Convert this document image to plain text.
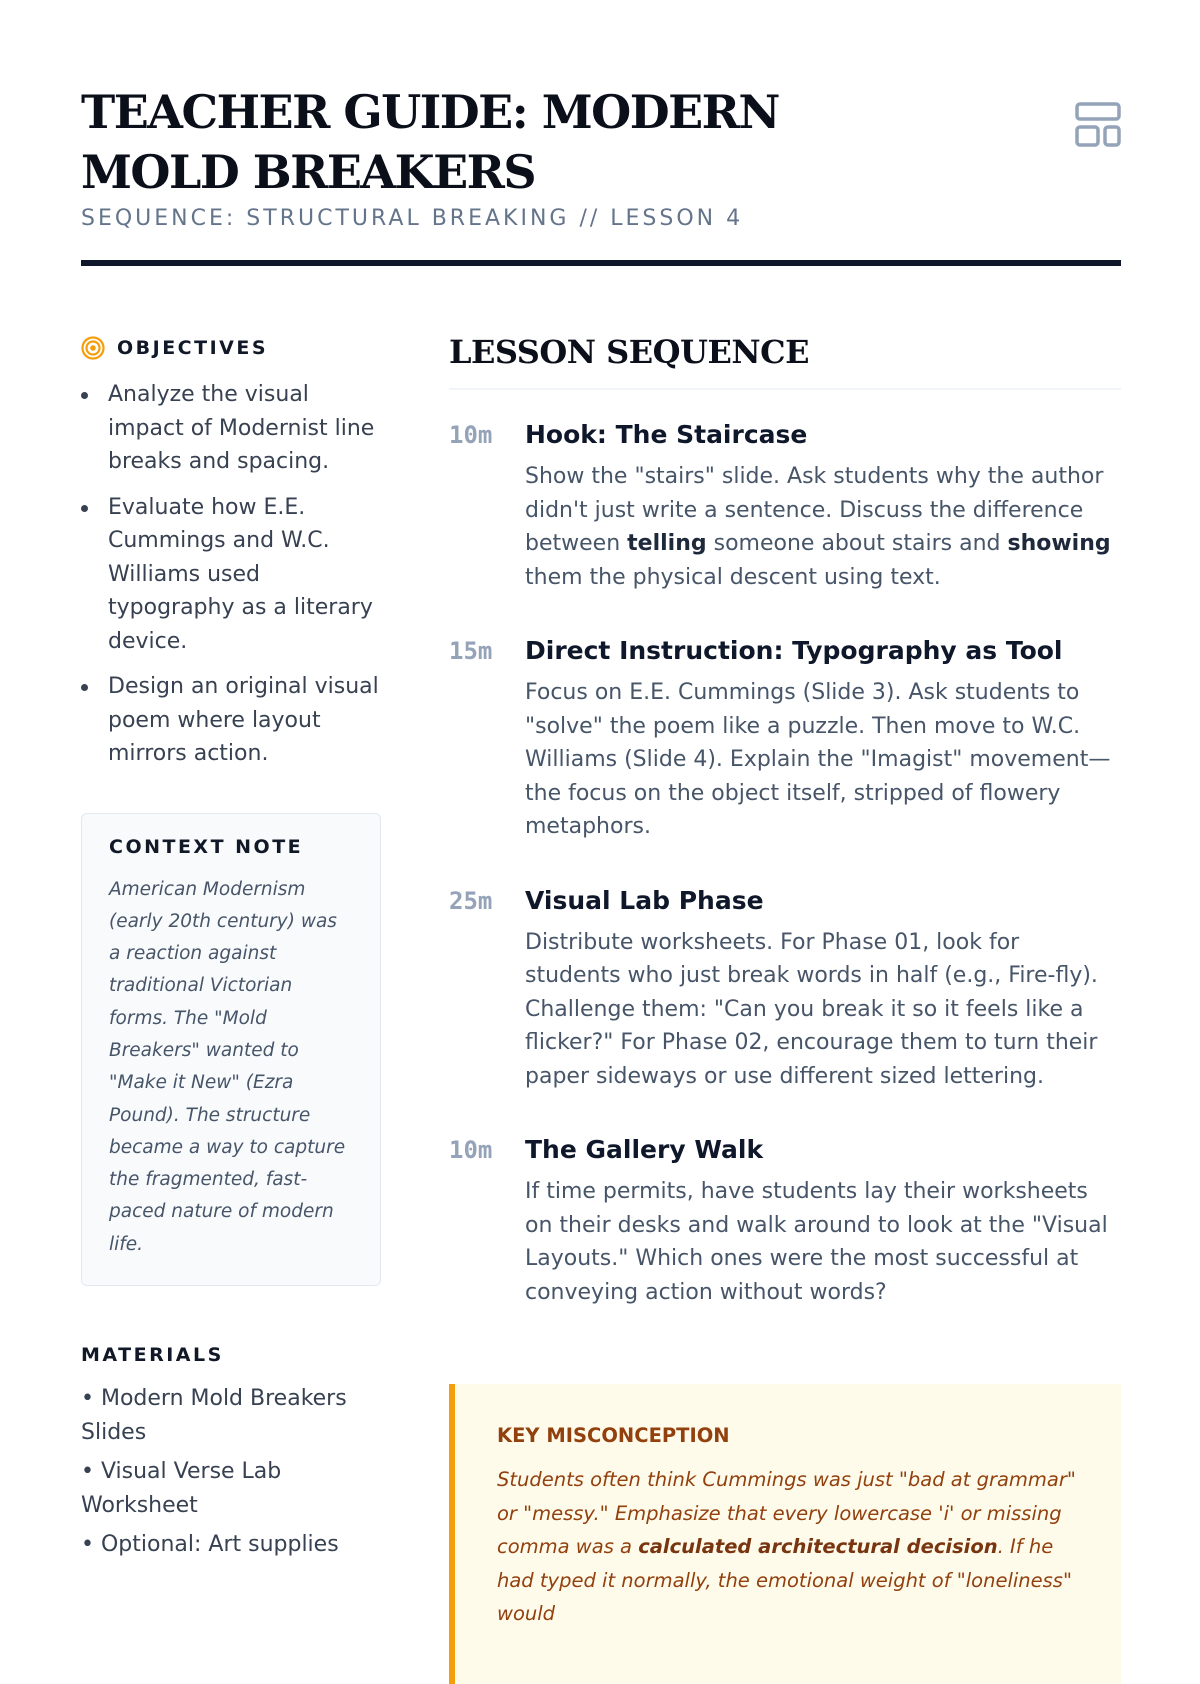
TEACHER GUIDE: MODERN MOLD BREAKERS
SEQUENCE: STRUCTURAL BREAKING // LESSON 4
OBJECTIVES
Analyze the visual impact of Modernist line breaks and spacing.
Evaluate how E.E. Cummings and W.C. Williams used typography as a literary device.
Design an original visual poem where layout mirrors action.
CONTEXT NOTE
American Modernism (early 20th century) was a reaction against traditional Victorian forms. The "Mold Breakers" wanted to "Make it New" (Ezra Pound). The structure became a way to capture the fragmented, fast-paced nature of modern life.
MATERIALS
• Modern Mold Breakers Slides
• Visual Verse Lab Worksheet
• Optional: Art supplies
LESSON SEQUENCE
10m	Hook: The Staircase
Show the "stairs" slide. Ask students why the author didn't just write a sentence. Discuss the difference between telling someone about stairs and showing them the physical descent using text.
15m	Direct Instruction: Typography as Tool
Focus on E.E. Cummings (Slide 3). Ask students to "solve" the poem like a puzzle. Then move to W.C. Williams (Slide 4). Explain the "Imagist" movement—the focus on the object itself, stripped of flowery metaphors.
25m	Visual Lab Phase
Distribute worksheets. For Phase 01, look for students who just break words in half (e.g., Fire-fly). Challenge them: "Can you break it so it feels like a flicker?" For Phase 02, encourage them to turn their paper sideways or use different sized lettering.
10m	The Gallery Walk
If time permits, have students lay their worksheets on their desks and walk around to look at the "Visual Layouts." Which ones were the most successful at conveying action without words?
KEY MISCONCEPTION
Students often think Cummings was just "bad at grammar" or "messy." Emphasize that every lowercase 'i' or missing comma was a calculated architectural decision. If he had typed it normally, the emotional weight of "loneliness" would
